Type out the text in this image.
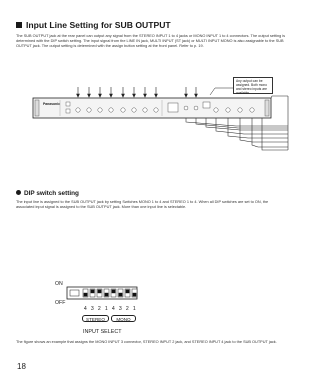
Input Line Setting for SUB OUTPUT
The SUB OUTPUT jack at the rear panel can output any signal from the STEREO INPUT 1 to 4 jacks or MONO INPUT 1 to 4 connectors. The output setting is determined with the DIP switch setting. The input signal from the LINE IN jack, MULTI INPUT (ST jack) or MULTI INPUT MONO is also assignable to the SUB OUTPUT jack. The output setting is determined with the assign button setting at the front panel. Refer to p. 19.
Panasonic
Any output can be assigned. Both mono and stereo inputs are available.
DIP switch setting
The input line is assigned to the SUB OUTPUT jack by setting Switches MONO 1 to 4 and STEREO 1 to 4. When all DIP switches are set to ON, the associated input signal is assigned to the SUB OUTPUT jack. More than one input line is selectable.
ON
OFF
4 3 2 1 4 3 2 1
STEREO	MONO
INPUT SELECT
The figure shows an example that assigns the MONO INPUT 3 connector, STEREO INPUT 2 jack, and STEREO INPUT 4 jack to the SUB OUTPUT jack.
18
